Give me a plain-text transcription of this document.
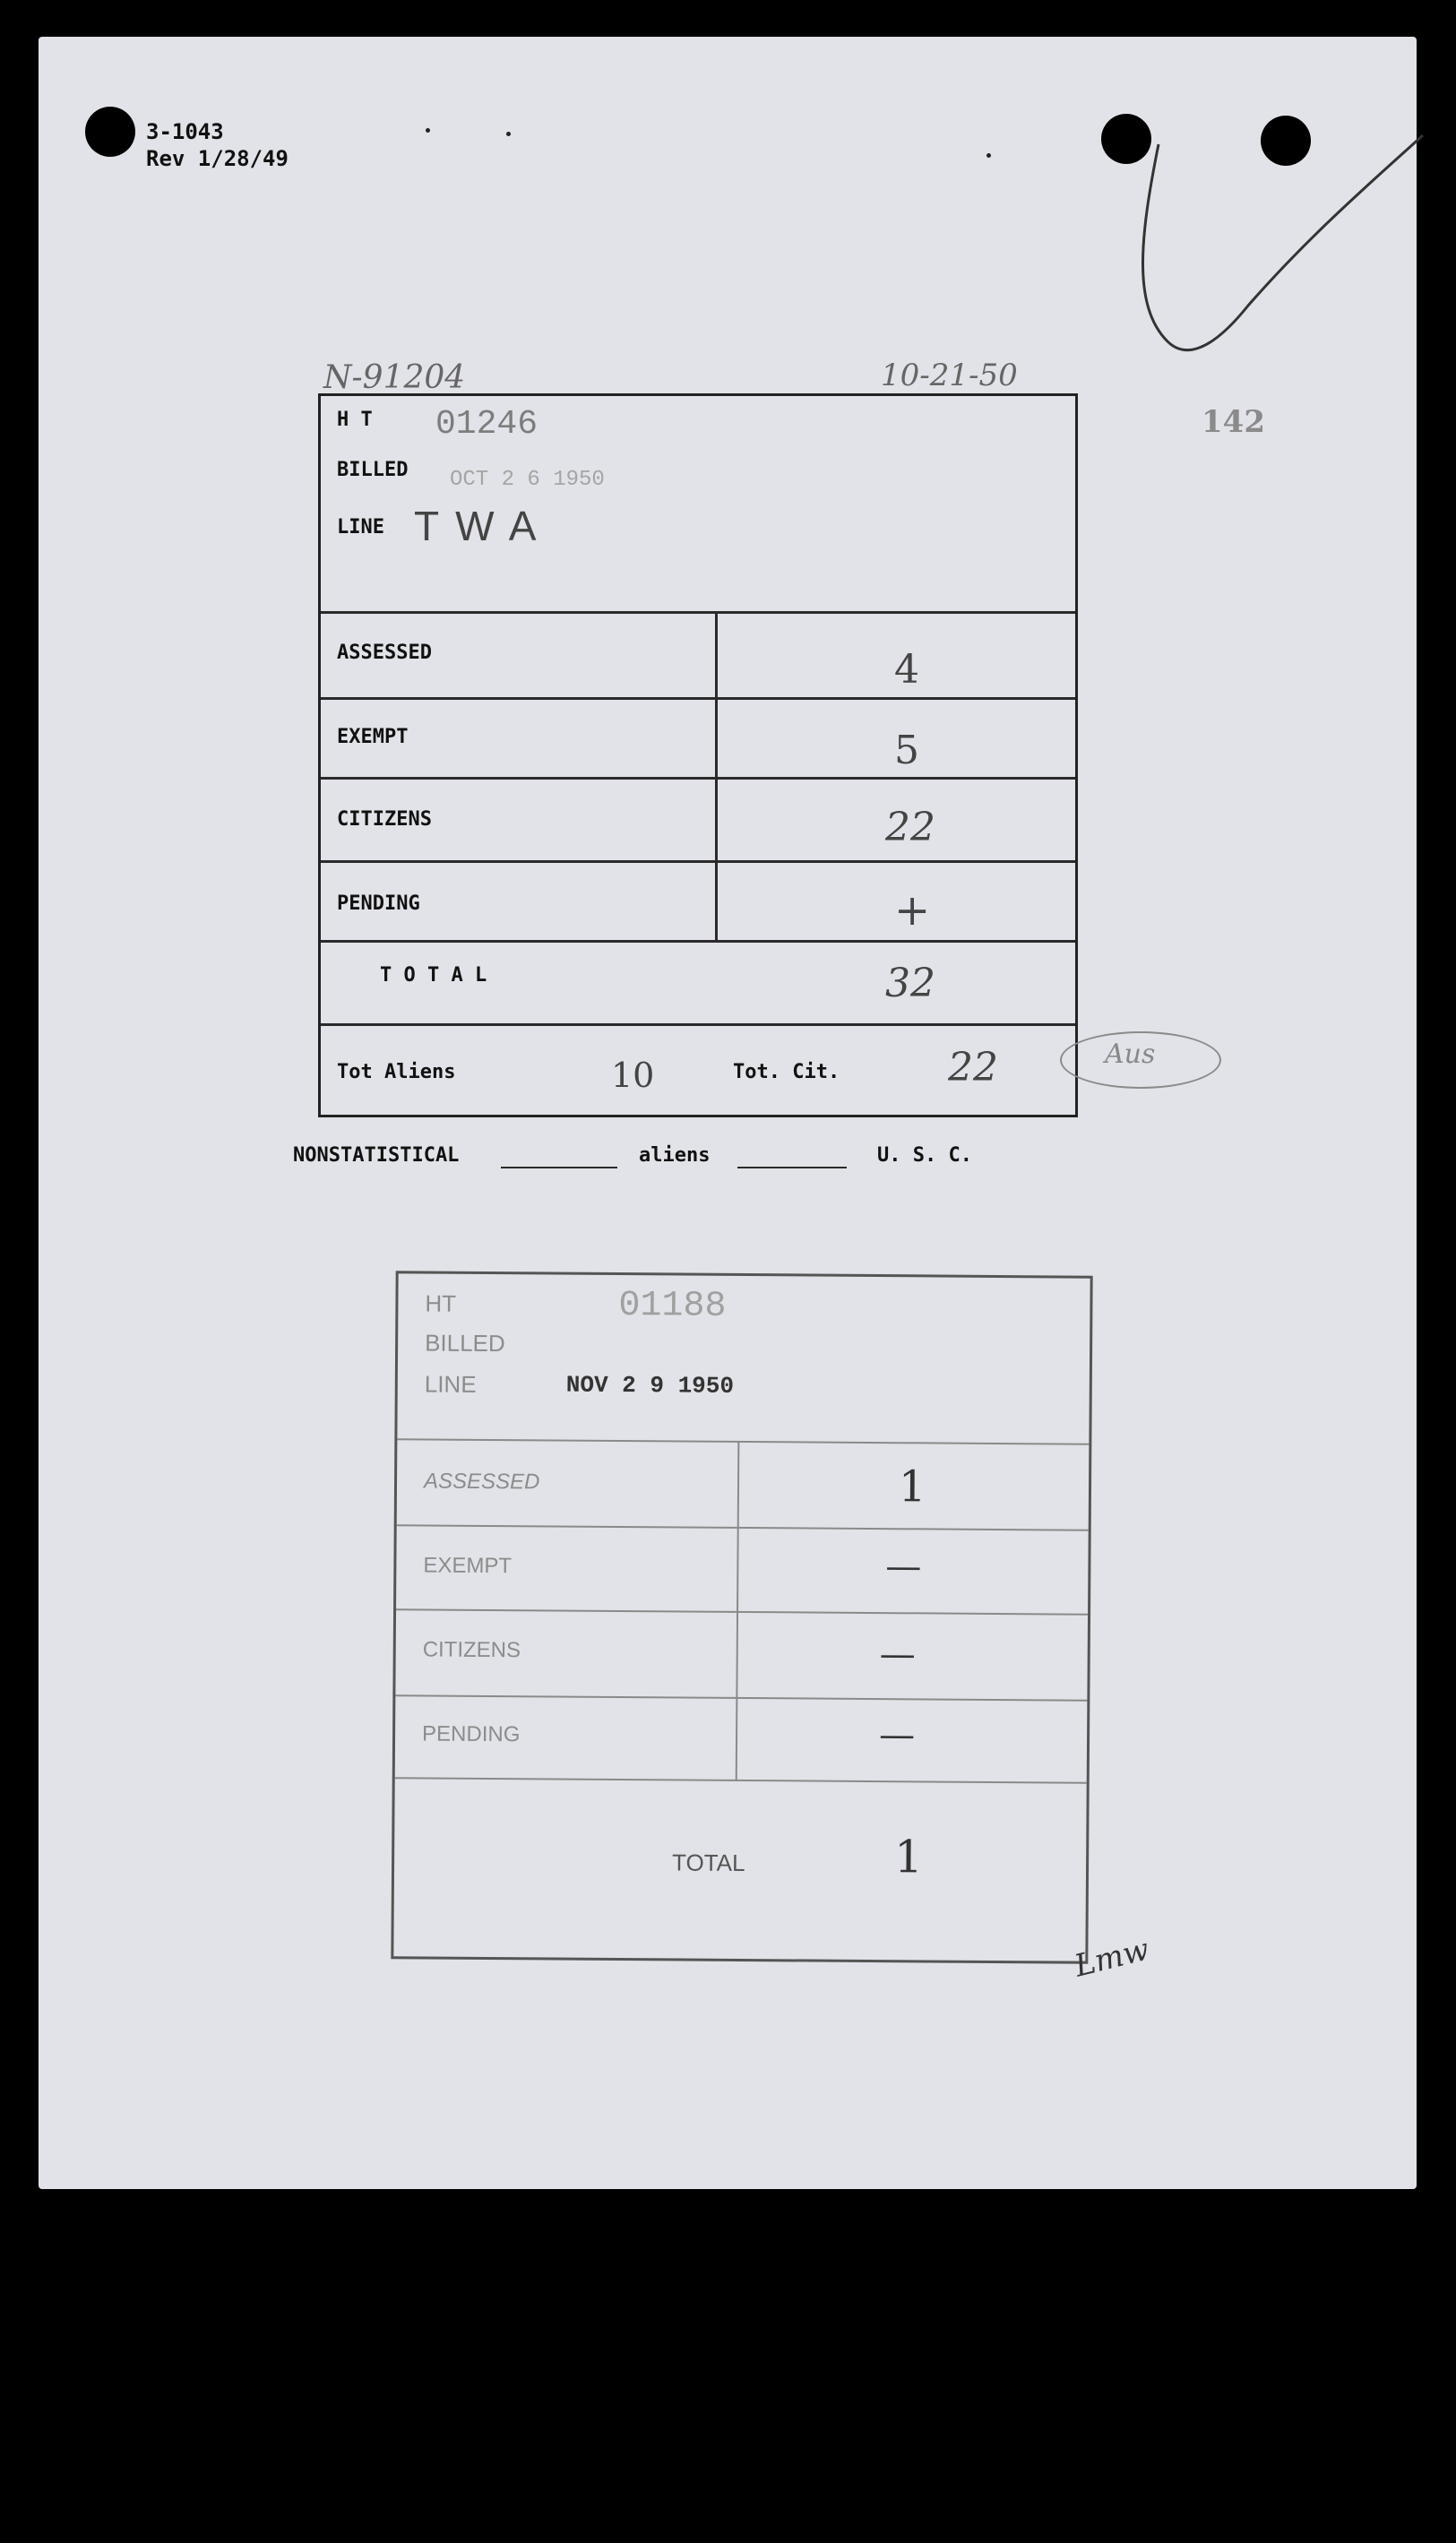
3-1043
Rev 1/28/49
142
N-91204	10-21-50
H T 01246
BILLED OCT 2 6 1950
LINE TWA
ASSESSED	4
EXEMPT	5
CITIZENS	22
PENDING	+
T O T A L	32
Tot Aliens	10	Tot. Cit.	22	Aus
NONSTATISTICAL	aliens	U. S. C.
HT	01188
BILLED
LINE	NOV 2 9 1950
ASSESSED	1
EXEMPT	—
CITIZENS	—
PENDING	—
TOTAL	1
Lmw
